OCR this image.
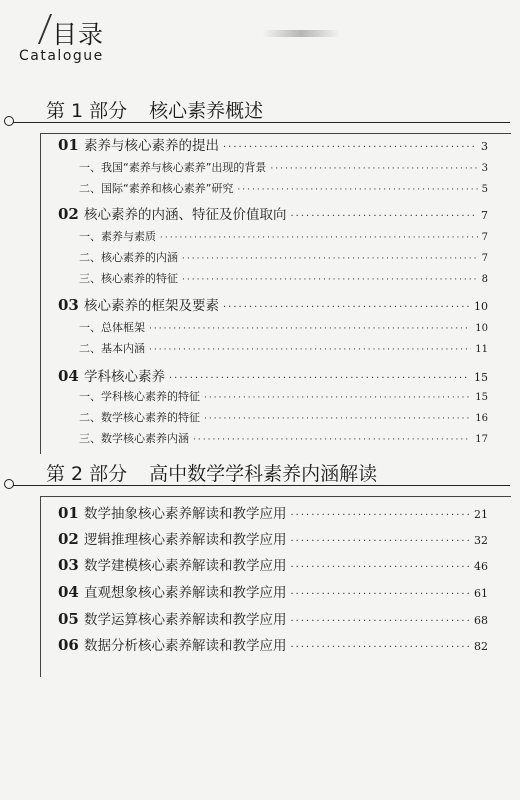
目录
Catalogue
第 1 部分 核心素养概述
01 素养与核心素养的提出 ·····	3
一、我国“素养与核心素养”出现的背景 ·····	3
二、国际“素养和核心素养”研究 ·····	5
02 核心素养的内涵、特征及价值取向 ·····	7
一、素养与素质 ·····	7
二、核心素养的内涵 ·····	7
三、核心素养的特征 ·····	8
03 核心素养的框架及要素 ·····	10
一、总体框架 ·····	10
二、基本内涵 ·····	11
04 学科核心素养 ·····	15
一、学科核心素养的特征 ·····	15
二、数学核心素养的特征 ·····	16
三、数学核心素养内涵 ·····	17
第 2 部分 高中数学学科素养内涵解读
01 数学抽象核心素养解读和教学应用 ·····	21
02 逻辑推理核心素养解读和教学应用 ·····	32
03 数学建模核心素养解读和教学应用 ·····	46
04 直观想象核心素养解读和教学应用 ·····	61
05 数学运算核心素养解读和教学应用 ·····	68
06 数据分析核心素养解读和教学应用 ·····	82
